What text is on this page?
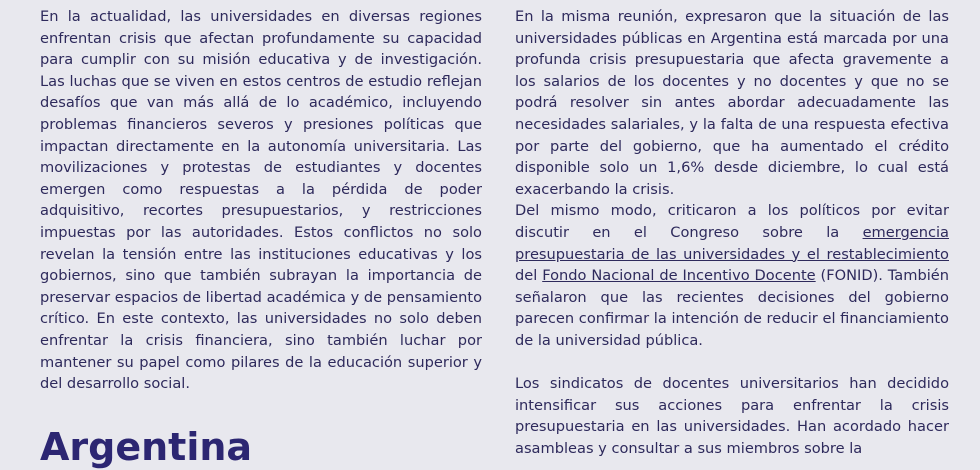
En la actualidad, las universidades en diversas regiones enfrentan crisis que afectan profundamente su capacidad para cumplir con su misión educativa y de investigación. Las luchas que se viven en estos centros de estudio reflejan desafíos que van más allá de lo académico, incluyendo problemas financieros severos y presiones políticas que impactan directamente en la autonomía universitaria. Las movilizaciones y protestas de estudiantes y docentes emergen como respuestas a la pérdida de poder adquisitivo, recortes presupuestarios, y restricciones impuestas por las autoridades. Estos conflictos no solo revelan la tensión entre las instituciones educativas y los gobiernos, sino que también subrayan la importancia de preservar espacios de libertad académica y de pensamiento crítico. En este contexto, las universidades no solo deben enfrentar la crisis financiera, sino también luchar por mantener su papel como pilares de la educación superior y del desarrollo social.

Argentina

En la misma reunión, expresaron que la situación de las universidades públicas en Argentina está marcada por una profunda crisis presupuestaria que afecta gravemente a los salarios de los docentes y no docentes y que no se podrá resolver sin antes abordar adecuadamente las necesidades salariales, y la falta de una respuesta efectiva por parte del gobierno, que ha aumentado el crédito disponible solo un 1,6% desde diciembre, lo cual está exacerbando la crisis.

Del mismo modo, criticaron a los políticos por evitar discutir en el Congreso sobre la emergencia presupuestaria de las universidades y el restablecimiento del Fondo Nacional de Incentivo Docente (FONID). También señalaron que las recientes decisiones del gobierno parecen confirmar la intención de reducir el financiamiento de la universidad pública.

Los sindicatos de docentes universitarios han decidido intensificar sus acciones para enfrentar la crisis presupuestaria en las universidades. Han acordado hacer asambleas y consultar a sus miembros sobre la
